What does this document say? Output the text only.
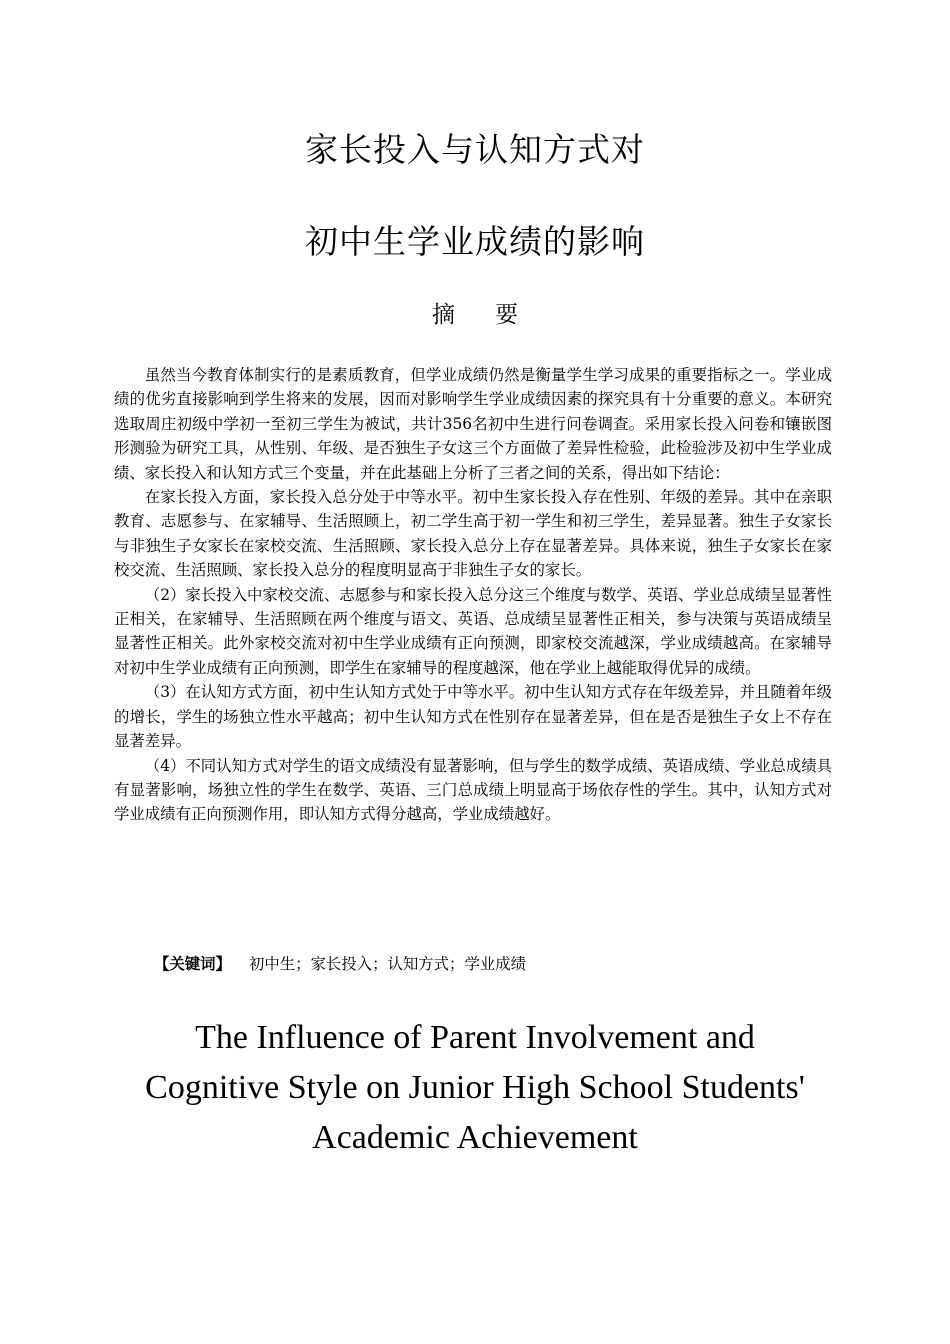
家长投入与认知方式对
初中生学业成绩的影响
摘要

虽然当今教育体制实行的是素质教育，但学业成绩仍然是衡量学生学习成果的重要指标之一。学业成绩的优劣直接影响到学生将来的发展，因而对影响学生学业成绩因素的探究具有十分重要的意义。本研究选取周庄初级中学初一至初三学生为被试，共计356名初中生进行问卷调查。采用家长投入问卷和镶嵌图形测验为研究工具，从性别、年级、是否独生子女这三个方面做了差异性检验，此检验涉及初中生学业成绩、家长投入和认知方式三个变量，并在此基础上分析了三者之间的关系，得出如下结论：

在家长投入方面，家长投入总分处于中等水平。初中生家长投入存在性别、年级的差异。其中在亲职教育、志愿参与、在家辅导、生活照顾上，初二学生高于初一学生和初三学生，差异显著。独生子女家长与非独生子女家长在家校交流、生活照顾、家长投入总分上存在显著差异。具体来说，独生子女家长在家校交流、生活照顾、家长投入总分的程度明显高于非独生子女的家长。

（2）家长投入中家校交流、志愿参与和家长投入总分这三个维度与数学、英语、学业总成绩呈显著性正相关，在家辅导、生活照顾在两个维度与语文、英语、总成绩呈显著性正相关，参与决策与英语成绩呈显著性正相关。此外家校交流对初中生学业成绩有正向预测，即家校交流越深，学业成绩越高。在家辅导对初中生学业成绩有正向预测，即学生在家辅导的程度越深，他在学业上越能取得优异的成绩。

（3）在认知方式方面，初中生认知方式处于中等水平。初中生认知方式存在年级差异，并且随着年级的增长，学生的场独立性水平越高；初中生认知方式在性别存在显著差异，但在是否是独生子女上不存在显著差异。

（4）不同认知方式对学生的语文成绩没有显著影响，但与学生的数学成绩、英语成绩、学业总成绩具有显著影响，场独立性的学生在数学、英语、三门总成绩上明显高于场依存性的学生。其中，认知方式对学业成绩有正向预测作用，即认知方式得分越高，学业成绩越好。

【关键词】 初中生；家长投入；认知方式；学业成绩
The Influence of Parent Involvement and
Cognitive Style on Junior High School Students'
Academic Achievement
